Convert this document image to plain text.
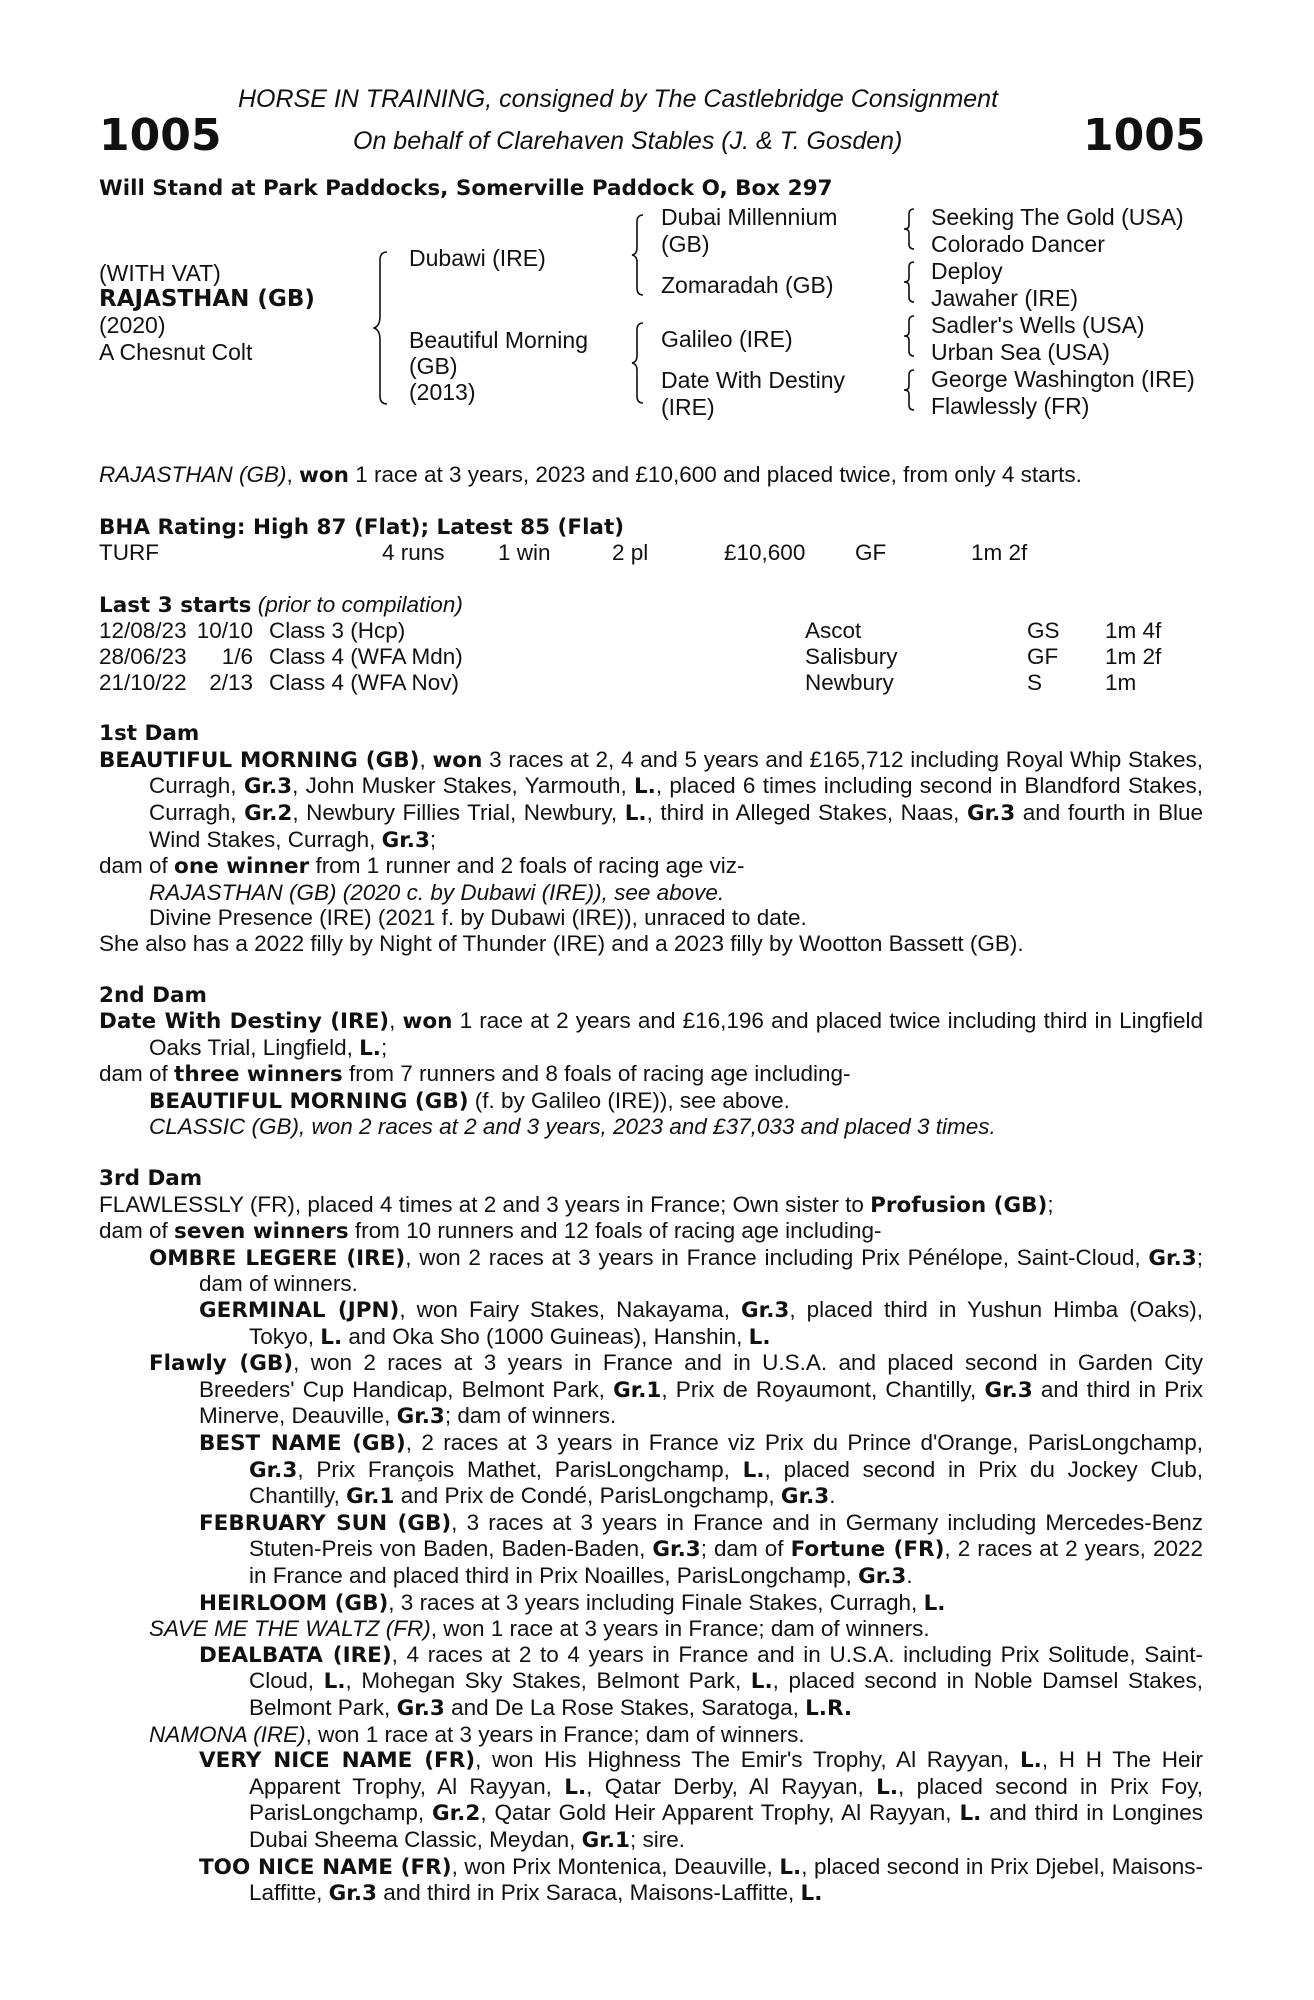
1005	1005
HORSE IN TRAINING, consigned by The Castlebridge Consignment
On behalf of Clarehaven Stables (J. & T. Gosden)
Will Stand at Park Paddocks, Somerville Paddock O, Box 297
(WITH VAT)
RAJASTHAN (GB)
(2020)
A Chesnut Colt
Dubawi (IRE)
Beautiful Morning
(GB)
(2013)
Dubai Millennium
(GB)
Zomaradah (GB)
Galileo (IRE)
Date With Destiny
(IRE)
Seeking The Gold (USA)
Colorado Dancer
Deploy
Jawaher (IRE)
Sadler's Wells (USA)
Urban Sea (USA)
George Washington (IRE)
Flawlessly (FR)

RAJASTHAN (GB), won 1 race at 3 years, 2023 and £10,600 and placed twice, from only 4 starts.

BHA Rating: High 87 (Flat); Latest 85 (Flat)
TURF	4 runs	1 win	2 pl	£10,600	GF	1m 2f
Last 3 starts (prior to compilation)
12/08/23	10/10	Class 3 (Hcp)	Ascot	GS	1m 4f
28/06/23	1/6	Class 4 (WFA Mdn)	Salisbury	GF	1m 2f
21/10/22	2/13	Class 4 (WFA Nov)	Newbury	S	1m
1st Dam

BEAUTIFUL MORNING (GB), won 3 races at 2, 4 and 5 years and £165,712 including Royal Whip Stakes, Curragh, Gr.3, John Musker Stakes, Yarmouth, L., placed 6 times including second in Blandford Stakes, Curragh, Gr.2, Newbury Fillies Trial, Newbury, L., third in Alleged Stakes, Naas, Gr.3 and fourth in Blue Wind Stakes, Curragh, Gr.3;

dam of one winner from 1 runner and 2 foals of racing age viz-

RAJASTHAN (GB) (2020 c. by Dubawi (IRE)), see above.

Divine Presence (IRE) (2021 f. by Dubawi (IRE)), unraced to date.

She also has a 2022 filly by Night of Thunder (IRE) and a 2023 filly by Wootton Bassett (GB).

2nd Dam

Date With Destiny (IRE), won 1 race at 2 years and £16,196 and placed twice including third in Lingfield Oaks Trial, Lingfield, L.;

dam of three winners from 7 runners and 8 foals of racing age including-

BEAUTIFUL MORNING (GB) (f. by Galileo (IRE)), see above.

CLASSIC (GB), won 2 races at 2 and 3 years, 2023 and £37,033 and placed 3 times.

3rd Dam

FLAWLESSLY (FR), placed 4 times at 2 and 3 years in France; Own sister to Profusion (GB);

dam of seven winners from 10 runners and 12 foals of racing age including-

OMBRE LEGERE (IRE), won 2 races at 3 years in France including Prix Pénélope, Saint-Cloud, Gr.3; dam of winners.

GERMINAL (JPN), won Fairy Stakes, Nakayama, Gr.3, placed third in Yushun Himba (Oaks), Tokyo, L. and Oka Sho (1000 Guineas), Hanshin, L.

Flawly (GB), won 2 races at 3 years in France and in U.S.A. and placed second in Garden City Breeders' Cup Handicap, Belmont Park, Gr.1, Prix de Royaumont, Chantilly, Gr.3 and third in Prix Minerve, Deauville, Gr.3; dam of winners.

BEST NAME (GB), 2 races at 3 years in France viz Prix du Prince d'Orange, ParisLongchamp, Gr.3, Prix François Mathet, ParisLongchamp, L., placed second in Prix du Jockey Club, Chantilly, Gr.1 and Prix de Condé, ParisLongchamp, Gr.3.

FEBRUARY SUN (GB), 3 races at 3 years in France and in Germany including Mercedes-Benz Stuten-Preis von Baden, Baden-Baden, Gr.3; dam of Fortune (FR), 2 races at 2 years, 2022 in France and placed third in Prix Noailles, ParisLongchamp, Gr.3.

HEIRLOOM (GB), 3 races at 3 years including Finale Stakes, Curragh, L.

SAVE ME THE WALTZ (FR), won 1 race at 3 years in France; dam of winners.

DEALBATA (IRE), 4 races at 2 to 4 years in France and in U.S.A. including Prix Solitude, Saint-Cloud, L., Mohegan Sky Stakes, Belmont Park, L., placed second in Noble Damsel Stakes, Belmont Park, Gr.3 and De La Rose Stakes, Saratoga, L.R.

NAMONA (IRE), won 1 race at 3 years in France; dam of winners.

VERY NICE NAME (FR), won His Highness The Emir's Trophy, Al Rayyan, L., H H The Heir Apparent Trophy, Al Rayyan, L., Qatar Derby, Al Rayyan, L., placed second in Prix Foy, ParisLongchamp, Gr.2, Qatar Gold Heir Apparent Trophy, Al Rayyan, L. and third in Longines Dubai Sheema Classic, Meydan, Gr.1; sire.

TOO NICE NAME (FR), won Prix Montenica, Deauville, L., placed second in Prix Djebel, Maisons-Laffitte, Gr.3 and third in Prix Saraca, Maisons-Laffitte, L.
